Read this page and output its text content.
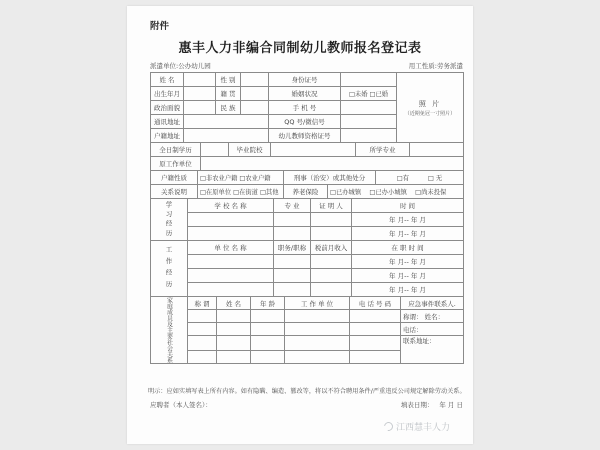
附件
惠丰人力非编合同制幼儿教师报名登记表
派遣单位:公办幼儿园	用工性质:劳务派遣
姓 名		性 别		身份证号		照 片
（近期免冠一寸照片）

出生年月		籍 贯		婚姻状况	□未婚 □已婚	
政治面貌		民 族		手 机 号		
通讯地址				QQ 号/微信号		
户籍地址				幼儿教师资格证号		
全日制学历		毕业院校		所学专业	
原工作单位	
户籍性质	□非农业户籍 □农业户籍	刑事（治安）或其他处分		□有　　　□ 无
关系说明	□在原单位 □在街道 □其他	养老保险	□已办城镇　 □已办小城镇　 □尚未投保	
学习经历	学 校 名 称	专 业	证 明 人	时 间
				年 月-- 年 月
				年 月-- 年 月
工作经历	单 位 名 称	职务/职称	税前月收入	在 职 时 间
				年 月-- 年 月
				年 月-- 年 月
				年 月-- 年 月
家庭成员及主要社会关系	称 谓	姓 名	年 龄	工 作 单 位	电 话 号 码	应急事件联系人.
						称谓： 姓名：
						电话：
						联系地址：

明示：应如实填写表上所有内容。如有隐瞒、编造、篡改等，将以不符合聘用条件/严重违反公司规定解除劳动关系。
应聘者（本人签名）：	填表日期： 年 月 日
江西慧丰人力
